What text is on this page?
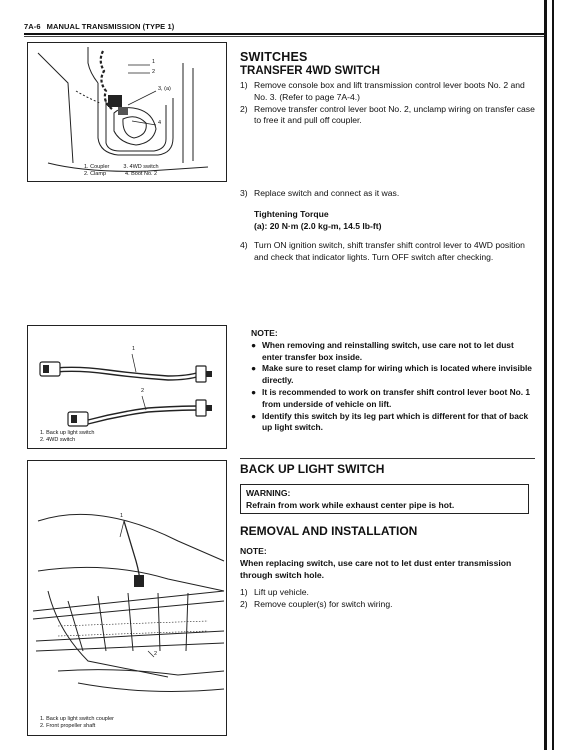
7A-6 MANUAL TRANSMISSION (TYPE 1)
1
2
3, (a)
4
1. Coupler	3. 4WD switch
2. Clamp	4. Boot No. 2
1
2
1. Back up light switch
2. 4WD switch
1
2
1. Back up light switch coupler
2. Front propeller shaft
SWITCHES
TRANSFER 4WD SWITCH
1) Remove console box and lift transmission control lever boots No. 2 and No. 3. (Refer to page 7A-4.)
2) Remove transfer control lever boot No. 2, unclamp wiring on transfer case to free it and pull off coupler.
3) Replace switch and connect as it was.
Tightening Torque
(a): 20 N·m (2.0 kg-m, 14.5 lb-ft)
4) Turn ON ignition switch, shift transfer shift control lever to 4WD position and check that indicator lights. Turn OFF switch after checking.
NOTE:
● When removing and reinstalling switch, use care not to let dust enter transfer box inside.
● Make sure to reset clamp for wiring which is located where invisible directly.
● It is recommended to work on transfer shift control lever boot No. 1 from underside of vehicle on lift.
● Identify this switch by its leg part which is different for that of back up light switch.
BACK UP LIGHT SWITCH
WARNING:
Refrain from work while exhaust center pipe is hot.
REMOVAL AND INSTALLATION
NOTE:
When replacing switch, use care not to let dust enter transmission through switch hole.
1) Lift up vehicle.
2) Remove coupler(s) for switch wiring.
